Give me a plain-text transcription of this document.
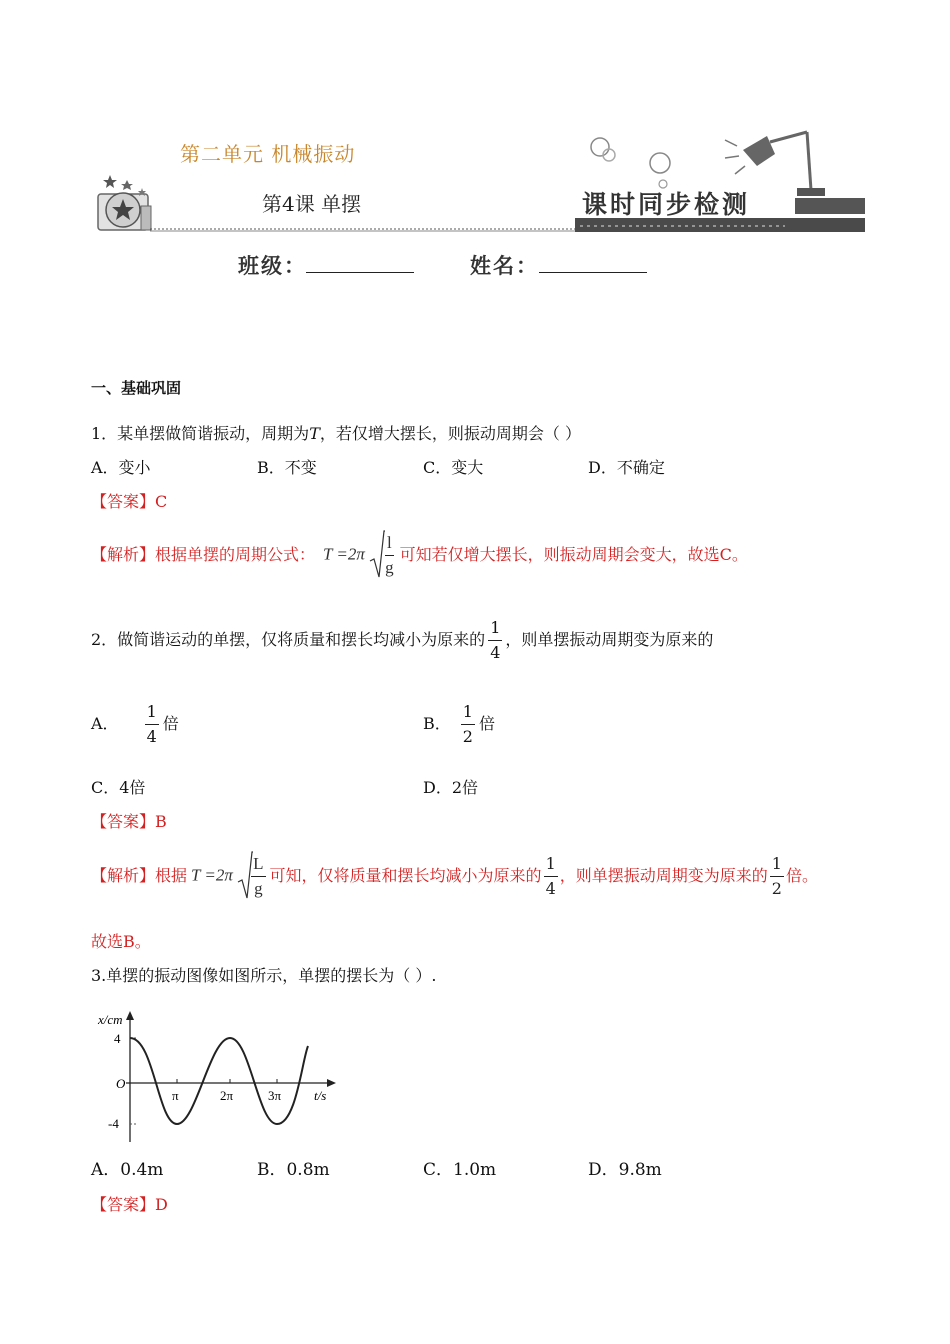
第二单元 机械振动
第4课 单摆	课时同步检测
班级：	姓名：
一、基础巩固
1．某单摆做简谐振动，周期为T，若仅增大摆长，则振动周期会（ ）
A．变小	B．不变	C．变大	D．不确定
【答案】C
【解析】根据单摆的周期公式： $T =2\pi \frac{l}{g}$ 可知若仅增大摆长，则振动周期会变大，故选C。
2．做简谐运动的单摆，仅将质量和摆长均减小为原来的 $\frac{1}{4}$ ，则单摆振动周期变为原来的
A． $\frac{1}{4}$ 倍	B． $\frac{1}{2}$ 倍
C．4倍	D．2倍
【答案】B
【解析】根据 $T =2\pi \frac{L}{g}$ 可知，仅将质量和摆长均减小为原来的 $\frac{1}{4}$ ，则单摆振动周期变为原来的 $\frac{1}{2}$ 倍。
故选B。
3.单摆的振动图像如图所示，单摆的摆长为（ ）.
x/cm
4
-4
O
π	2π	3π	t/s
A．0.4m	B．0.8m	C．1.0m	D．9.8m
【答案】D
